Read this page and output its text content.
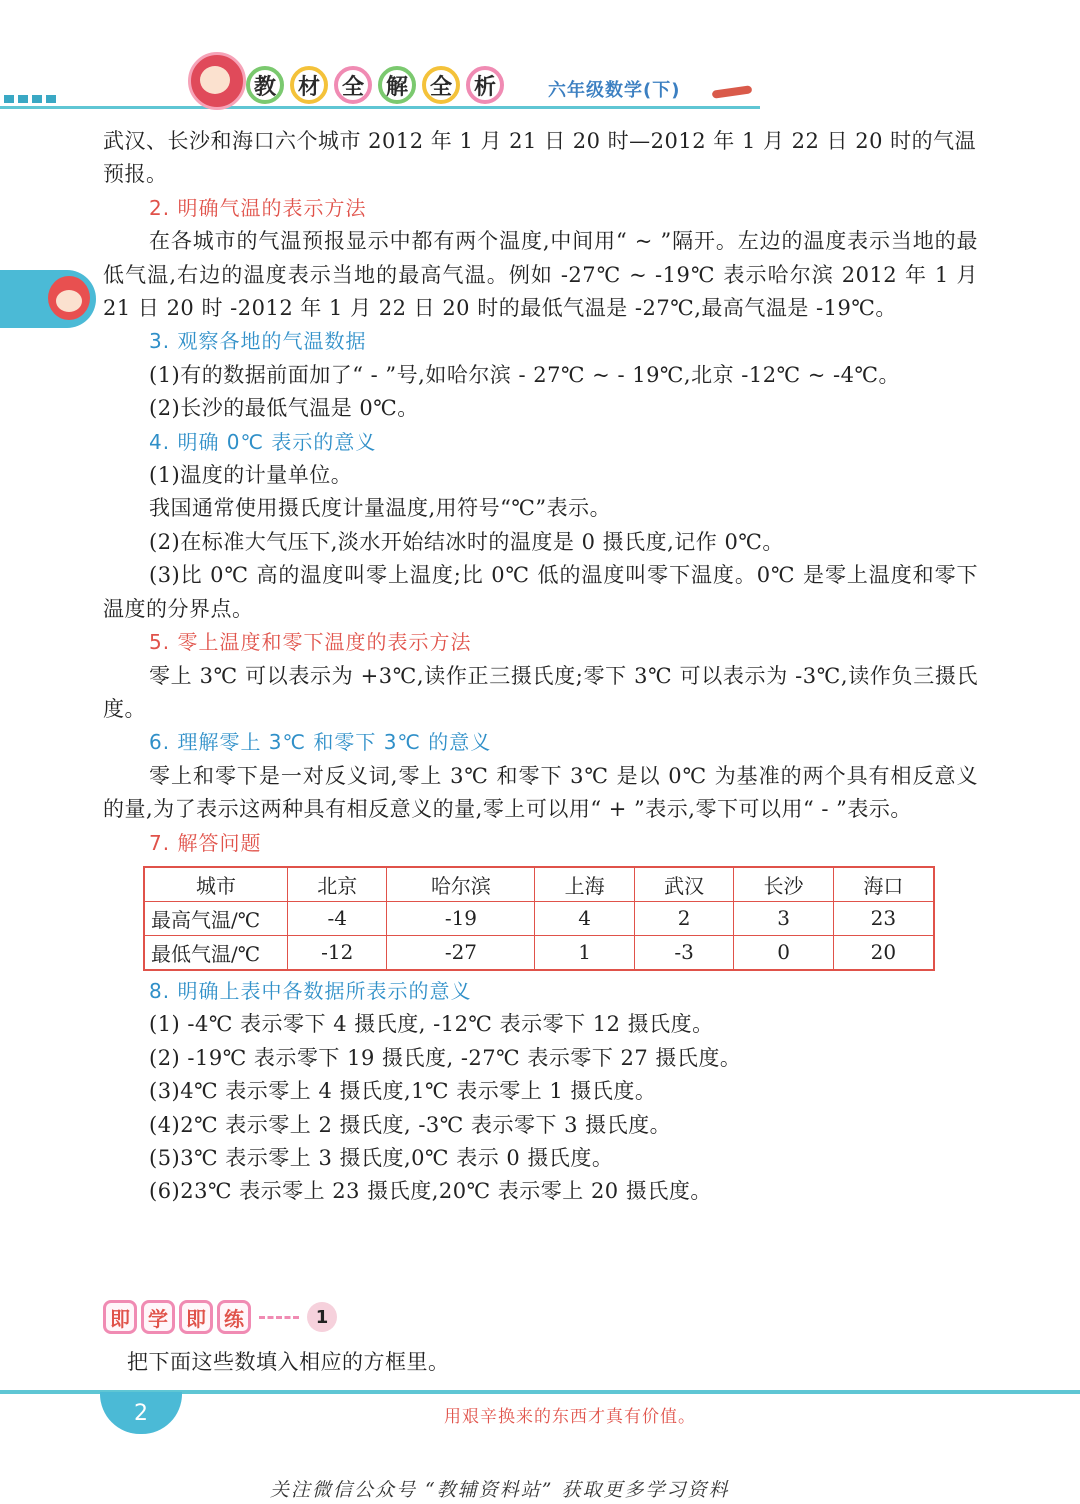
教 材 全 解 全 析	六年级数学(下)

武汉、长沙和海口六个城市 2012 年 1 月 21 日 20 时—2012 年 1 月 22 日 20 时的气温

预报。

2. 明确气温的表示方法

在各城市的气温预报显示中都有两个温度,中间用“ ~ ”隔开。左边的温度表示当地的最低气温,右边的温度表示当地的最高气温。例如 -27℃ ~ -19℃ 表示哈尔滨 2012 年 1 月 21 日 20 时 -2012 年 1 月 22 日 20 时的最低气温是 -27℃,最高气温是 -19℃。

3. 观察各地的气温数据

(1)有的数据前面加了“ - ”号,如哈尔滨 - 27℃ ~ - 19℃,北京 -12℃ ~ -4℃。

(2)长沙的最低气温是 0℃。

4. 明确 0℃ 表示的意义

(1)温度的计量单位。

我国通常使用摄氏度计量温度,用符号“℃”表示。

(2)在标准大气压下,淡水开始结冰时的温度是 0 摄氏度,记作 0℃。

(3)比 0℃ 高的温度叫零上温度;比 0℃ 低的温度叫零下温度。0℃ 是零上温度和零下温度的分界点。

5. 零上温度和零下温度的表示方法

零上 3℃ 可以表示为 +3℃,读作正三摄氏度;零下 3℃ 可以表示为 -3℃,读作负三摄氏度。

6. 理解零上 3℃ 和零下 3℃ 的意义

零上和零下是一对反义词,零上 3℃ 和零下 3℃ 是以 0℃ 为基准的两个具有相反意义的量,为了表示这两种具有相反意义的量,零上可以用“ + ”表示,零下可以用“ - ”表示。

7. 解答问题
城市	北京	哈尔滨	上海	武汉	长沙	海口
最高气温/℃	-4	-19	4	2	3	23
最低气温/℃	-12	-27	1	-3	0	20
8. 明确上表中各数据所表示的意义

(1) -4℃ 表示零下 4 摄氏度, -12℃ 表示零下 12 摄氏度。

(2) -19℃ 表示零下 19 摄氏度, -27℃ 表示零下 27 摄氏度。

(3)4℃ 表示零上 4 摄氏度,1℃ 表示零上 1 摄氏度。

(4)2℃ 表示零上 2 摄氏度, -3℃ 表示零下 3 摄氏度。

(5)3℃ 表示零上 3 摄氏度,0℃ 表示 0 摄氏度。

(6)23℃ 表示零上 23 摄氏度,20℃ 表示零上 20 摄氏度。

即 学 即 练	1
把下面这些数填入相应的方框里。
2	用艰辛换来的东西才真有价值。
关注微信公众号 “教辅资料站” 获取更多学习资料
